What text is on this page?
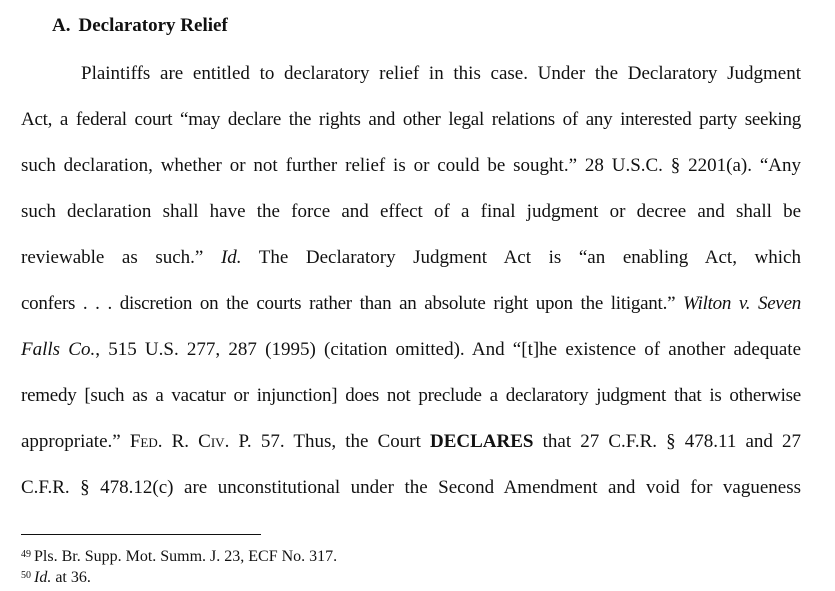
A. Declaratory Relief
Plaintiffs are entitled to declaratory relief in this case. Under the Declaratory Judgment
Act, a federal court “may declare the rights and other legal relations of any interested party seeking
such declaration, whether or not further relief is or could be sought.” 28 U.S.C. § 2201(a). “Any
such declaration shall have the force and effect of a final judgment or decree and shall be
reviewable as such.” Id. The Declaratory Judgment Act is “an enabling Act, which
confers . . . discretion on the courts rather than an absolute right upon the litigant.” Wilton v. Seven
Falls Co., 515 U.S. 277, 287 (1995) (citation omitted). And “[t]he existence of another adequate
remedy [such as a vacatur or injunction] does not preclude a declaratory judgment that is otherwise
appropriate.” Fed. R. Civ. P. 57. Thus, the Court DECLARES that 27 C.F.R. § 478.11 and 27
C.F.R. § 478.12(c) are unconstitutional under the Second Amendment and void for vagueness
$^{49}$ Pls. Br. Supp. Mot. Summ. J. 23, ECF No. 317.
$^{50}$ Id. at 36.
